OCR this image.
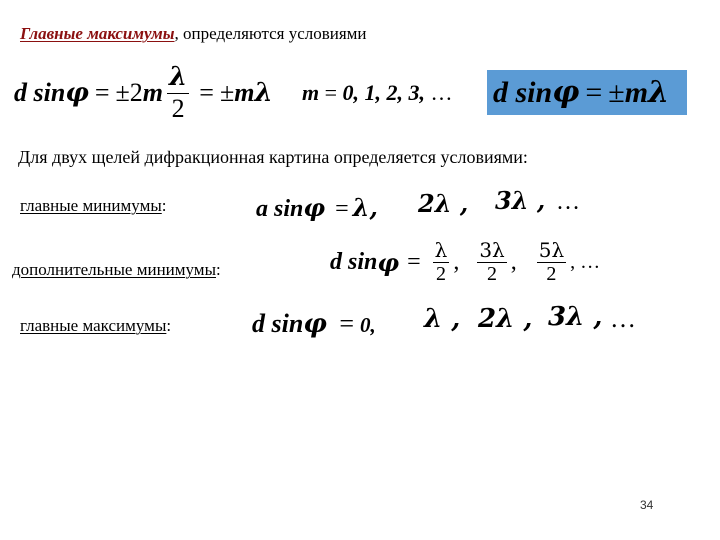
Главные максимумы, определяются условиями
d sin φ = ± 2 m $\frac{\lambda}{2}$ = ± m λ m = 0, 1, 2, 3, … d sin φ = ± m λ
Для двух щелей дифракционная картина определяется условиями:
главные минимумы:	a sinφ = λ, 2λ , 3λ , …
дополнительные минимумы:	d $\sin \varphi = \frac{\lambda}{2}$ , $\frac{3\lambda}{2}$ , $\frac{5\lambda}{2}$ , …
главные максимумы:	d sinφ = 0, λ , 2λ , 3λ , …
34
